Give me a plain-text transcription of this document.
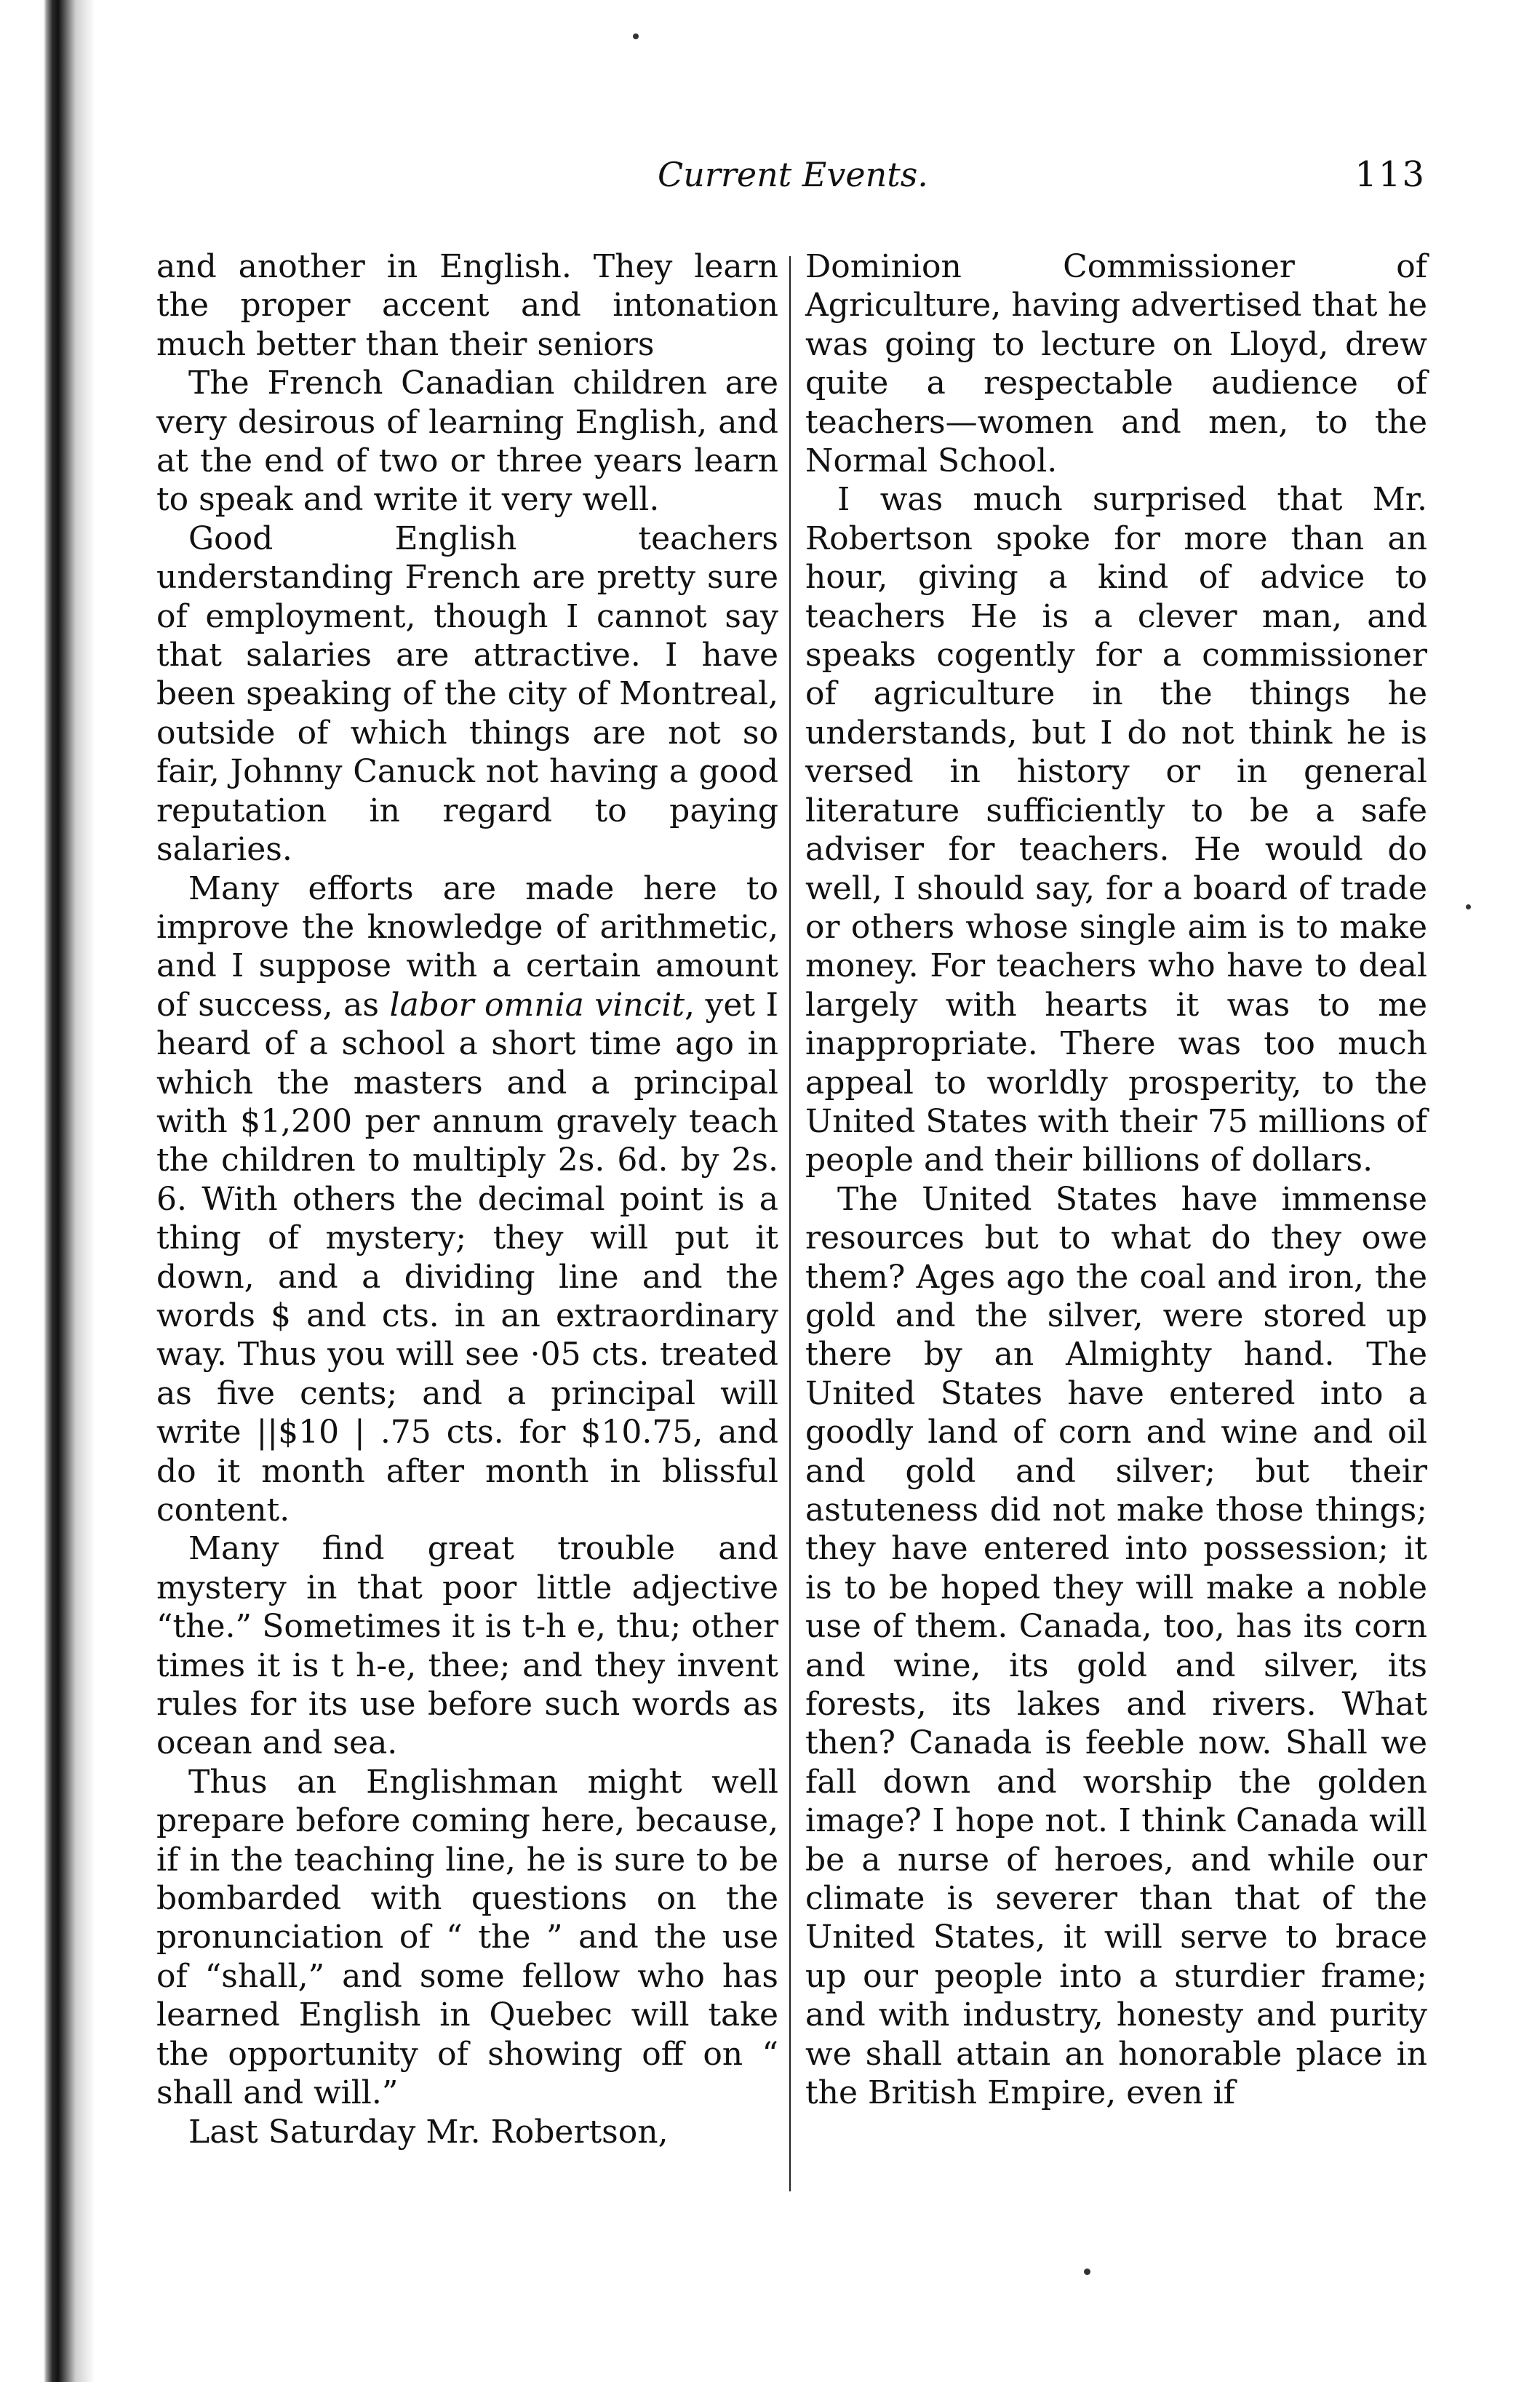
Current Events.	113

and another in English. They learn the proper accent and intonation much better than their seniors

The French Canadian children are very desirous of learning English, and at the end of two or three years learn to speak and write it very well.

Good English teachers understanding French are pretty sure of employment, though I cannot say that salaries are attractive. I have been speaking of the city of Montreal, outside of which things are not so fair, Johnny Canuck not having a good reputation in regard to paying salaries.

Many efforts are made here to improve the knowledge of arithmetic, and I suppose with a certain amount of success, as labor omnia vincit, yet I heard of a school a short time ago in which the masters and a principal with $1,200 per annum gravely teach the children to multiply 2s. 6d. by 2s. 6. With others the decimal point is a thing of mystery; they will put it down, and a dividing line and the words $ and cts. in an extraordinary way. Thus you will see ·05 cts. treated as five cents; and a principal will write ||$10 | .75 cts. for $10.75, and do it month after month in blissful content.

Many find great trouble and mystery in that poor little adjective “the.” Sometimes it is t-h e, thu; other times it is t h-e, thee; and they invent rules for its use before such words as ocean and sea.

Thus an Englishman might well prepare before coming here, because, if in the teaching line, he is sure to be bombarded with questions on the pronunciation of “ the ” and the use of “shall,” and some fellow who has learned English in Quebec will take the opportunity of showing off on “ shall and will.”

Last Saturday Mr. Robertson,

Dominion Commissioner of Agriculture, having advertised that he was going to lecture on Lloyd, drew quite a respectable audience of teachers—women and men, to the Normal School.

I was much surprised that Mr. Robertson spoke for more than an hour, giving a kind of advice to teachers He is a clever man, and speaks cogently for a commissioner of agriculture in the things he understands, but I do not think he is versed in history or in general literature sufficiently to be a safe adviser for teachers. He would do well, I should say, for a board of trade or others whose single aim is to make money. For teachers who have to deal largely with hearts it was to me inappropriate. There was too much appeal to worldly prosperity, to the United States with their 75 millions of people and their billions of dollars.

The United States have immense resources but to what do they owe them? Ages ago the coal and iron, the gold and the silver, were stored up there by an Almighty hand. The United States have entered into a goodly land of corn and wine and oil and gold and silver; but their astuteness did not make those things; they have entered into possession; it is to be hoped they will make a noble use of them. Canada, too, has its corn and wine, its gold and silver, its forests, its lakes and rivers. What then? Canada is feeble now. Shall we fall down and worship the golden image? I hope not. I think Canada will be a nurse of heroes, and while our climate is severer than that of the United States, it will serve to brace up our people into a sturdier frame; and with industry, honesty and purity we shall attain an honorable place in the British Empire, even if
